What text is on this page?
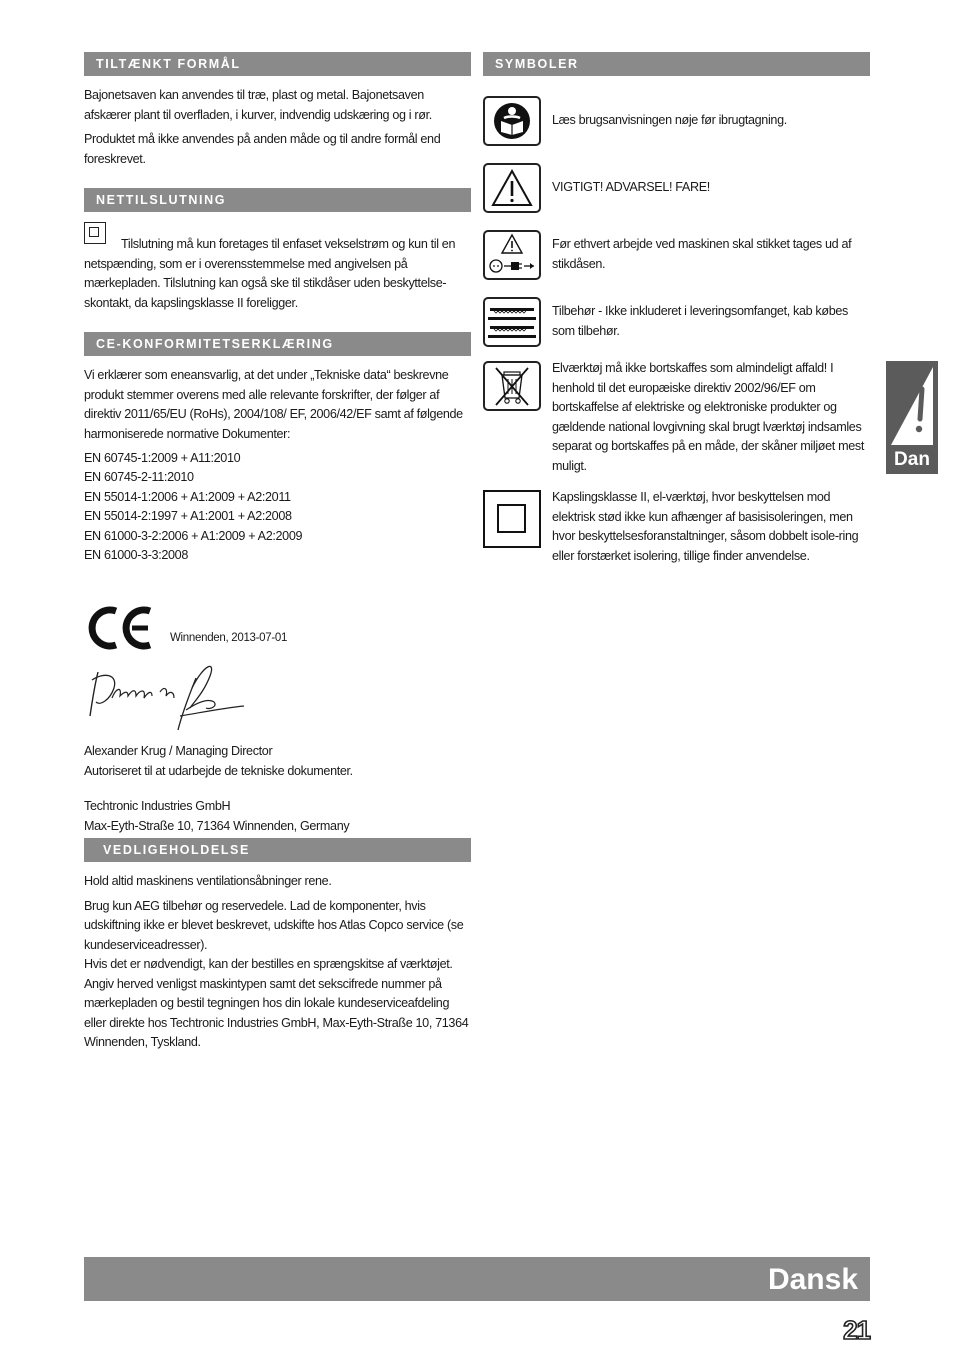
TILTÆNKT FORMÅL

Bajonetsaven kan anvendes til træ, plast og metal. Bajonetsaven afskærer plant til overfladen, i kurver, indvendig udskæring og i rør.

Produktet må ikke anvendes på anden måde og til andre formål end foreskrevet.

NETTILSLUTNING

Tilslutning må kun foretages til enfaset vekselstrøm og kun til en netspænding, som er i overensstemmelse med angivelsen på mærkepladen. Tilslutning kan også ske til stikdåser uden beskyttelse-skontakt, da kapslingsklasse II foreligger.

CE-KONFORMITETSERKLÆRING

Vi erklærer som eneansvarlig, at det under „Tekniske data“ beskrevne produkt stemmer overens med alle relevante forskrifter, der følger af direktiv 2011/65/EU (RoHs), 2004/108/ EF, 2006/42/EF samt af følgende harmoniserede normative Dokumenter:

EN 60745-1:2009 + A11:2010
EN 60745-2-11:2010
EN 55014-1:2006 + A1:2009 + A2:2011
EN 55014-2:1997 + A1:2001 + A2:2008
EN 61000-3-2:2006 + A1:2009 + A2:2009
EN 61000-3-3:2008
Winnenden, 2013-07-01
Alexander Krug / Managing Director
Autoriseret til at udarbejde de tekniske dokumenter.
Techtronic Industries GmbH
Max-Eyth-Straße 10, 71364 Winnenden, Germany
VEDLIGEHOLDELSE

Hold altid maskinens ventilationsåbninger rene.

Brug kun AEG tilbehør og reservedele. Lad de komponenter, hvis udskiftning ikke er blevet beskrevet, udskifte hos Atlas Copco service (se kundeserviceadresser).

Hvis det er nødvendigt, kan der bestilles en sprængskitse af værktøjet. Angiv herved venligst maskintypen samt det sekscifrede nummer på mærkepladen og bestil tegningen hos din lokale kundeserviceafdeling eller direkte hos Techtronic Industries GmbH, Max-Eyth-Straße 10, 71364 Winnenden, Tyskland.

SYMBOLER
Læs brugsanvisningen nøje før ibrugtagning.
VIGTIGT! ADVARSEL! FARE!
Før ethvert arbejde ved maskinen skal stikket tages ud af stikdåsen.
Tilbehør - Ikke inkluderet i leveringsomfanget, kab købes som tilbehør.
Elværktøj må ikke bortskaffes som almindeligt affald! I henhold til det europæiske direktiv 2002/96/EF om bortskaffelse af elektriske og elektroniske produkter og gældende national lovgivning skal brugt lværktøj indsamles separat og bortskaffes på en måde, der skåner miljøet mest muligt.
Kapslingsklasse II, el-værktøj, hvor beskyttelsen mod elektrisk stød ikke kun afhænger af basisisoleringen, men hvor beskyttelsesforanstaltninger, såsom dobbelt isole-ring eller forstærket isolering, tillige finder anvendelse.
Dan
Dansk
21
